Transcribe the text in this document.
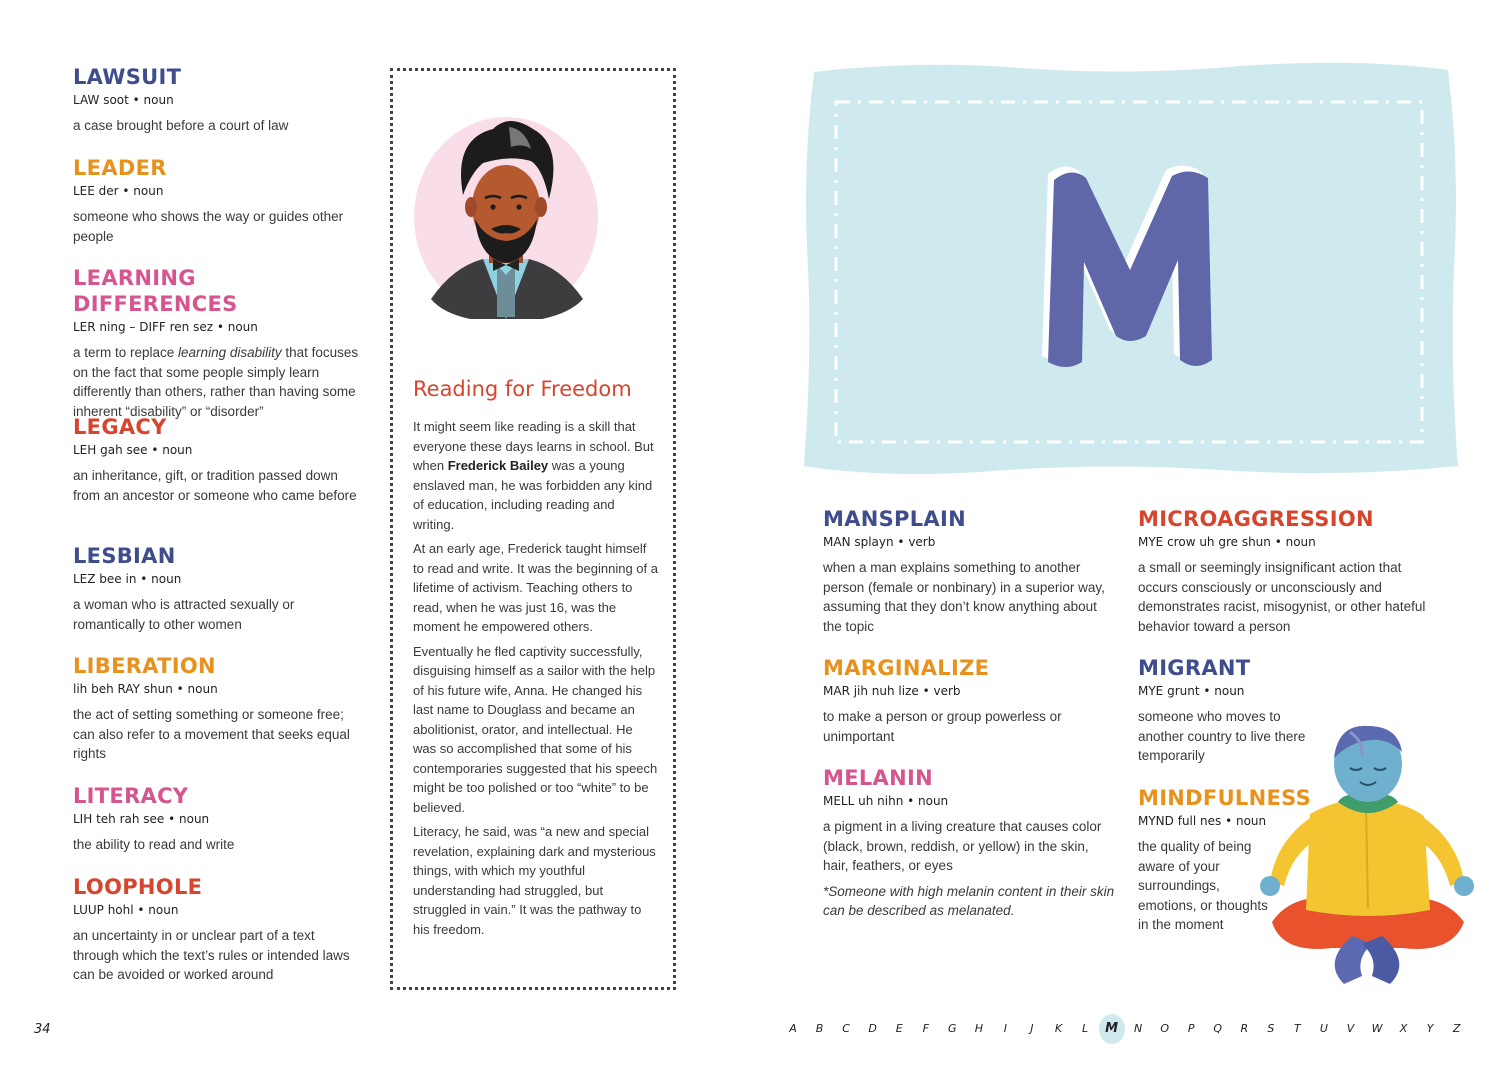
LAWSUIT
LAW soot • noun
a case brought before a court of law
LEADER
LEE der • noun
someone who shows the way or guides other people
LEARNING DIFFERENCES
LER ning – DIFF ren sez • noun
a term to replace learning disability that focuses on the fact that some people simply learn differently than others, rather than having some inherent “disability” or “disorder”
LEGACY
LEH gah see • noun
an inheritance, gift, or tradition passed down from an ancestor or someone who came before
LESBIAN
LEZ bee in • noun
a woman who is attracted sexually or romantically to other women
LIBERATION
lih beh RAY shun • noun
the act of setting something or someone free; can also refer to a movement that seeks equal rights
LITERACY
LIH teh rah see • noun
the ability to read and write
LOOPHOLE
LUUP hohl • noun
an uncertainty in or unclear part of a text through which the text’s rules or intended laws can be avoided or worked around
Reading for Freedom

It might seem like reading is a skill that everyone these days learns in school. But when Frederick Bailey was a young enslaved man, he was forbidden any kind of education, including reading and writing.

At an early age, Frederick taught himself to read and write. It was the beginning of a lifetime of activism. Teaching others to read, when he was just 16, was the moment he empowered others.

Eventually he fled captivity successfully, disguising himself as a sailor with the help of his future wife, Anna. He changed his last name to Douglass and became an abolitionist, orator, and intellectual. He was so accomplished that some of his contemporaries suggested that his speech might be too polished or too “white” to be believed.

Literacy, he said, was “a new and special revelation, explaining dark and mysterious things, with which my youthful understanding had struggled, but struggled in vain.” It was the pathway to his freedom.

MANSPLAIN
MAN splayn • verb
when a man explains something to another person (female or nonbinary) in a superior way, assuming that they don’t know anything about the topic
MARGINALIZE
MAR jih nuh lize • verb
to make a person or group powerless or unimportant
MELANIN
MELL uh nihn • noun
a pigment in a living creature that causes color (black, brown, reddish, or yellow) in the skin, hair, feathers, or eyes
*Someone with high melanin content in their skin can be described as melanated.
MICROAGGRESSION
MYE crow uh gre shun • noun
a small or seemingly insignificant action that occurs consciously or unconsciously and demonstrates racist, misogynist, or other hateful behavior toward a person
MIGRANT
MYE grunt • noun
someone who moves to another country to live there temporarily
MINDFULNESS
MYND full nes • noun
the quality of being aware of your surroundings, emotions, or thoughts in the moment
34	A	B	C	D	E	F	G	H	I	J	K	L	M	N	O	P	Q	R	S	T	U	V	W	X	Y	Z
